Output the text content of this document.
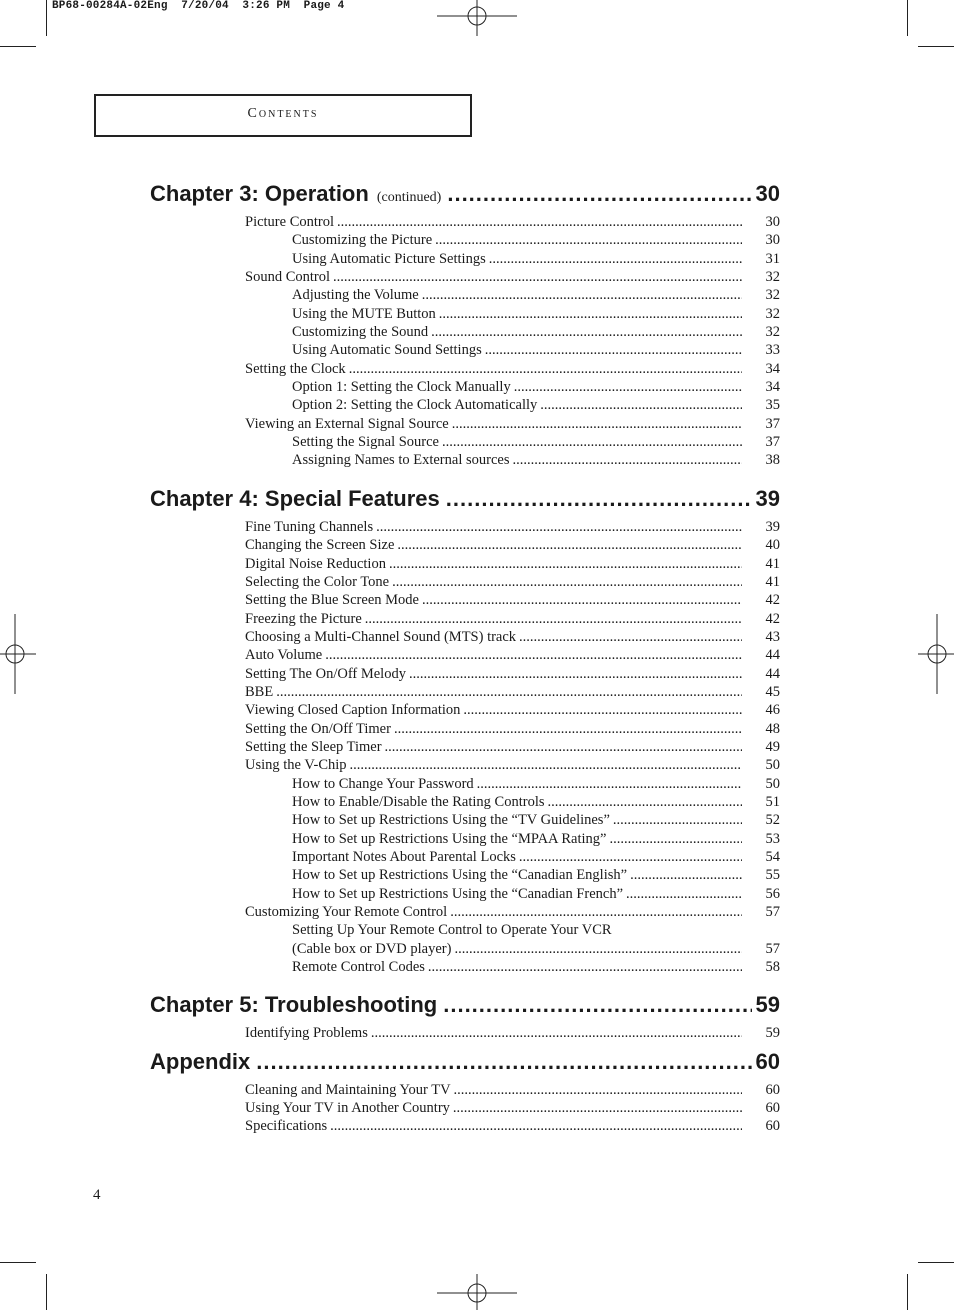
BP68-00284A-02Eng  7/20/04  3:26 PM  Page 4
Contents
Chapter 3: Operation (continued) .....	30
Picture Control .....	30
Customizing the Picture .....	30
Using Automatic Picture Settings .....	31
Sound Control .....	32
Adjusting the Volume .....	32
Using the MUTE Button .....	32
Customizing the Sound .....	32
Using Automatic Sound Settings .....	33
Setting the Clock .....	34
Option 1: Setting the Clock Manually .....	34
Option 2: Setting the Clock Automatically .....	35
Viewing an External Signal Source .....	37
Setting the Signal Source .....	37
Assigning Names to External sources .....	38
Chapter 4: Special Features .....	39
Fine Tuning Channels .....	39
Changing the Screen Size .....	40
Digital Noise Reduction .....	41
Selecting the Color Tone .....	41
Setting the Blue Screen Mode .....	42
Freezing the Picture .....	42
Choosing a Multi-Channel Sound (MTS) track .....	43
Auto Volume .....	44
Setting The On/Off Melody .....	44
BBE .....	45
Viewing Closed Caption Information .....	46
Setting the On/Off Timer .....	48
Setting the Sleep Timer .....	49
Using the V-Chip .....	50
How to Change Your Password .....	50
How to Enable/Disable the Rating Controls .....	51
How to Set up Restrictions Using the “TV Guidelines” .....	52
How to Set up Restrictions Using the “MPAA Rating” .....	53
Important Notes About Parental Locks .....	54
How to Set up Restrictions Using the “Canadian English” .....	55
How to Set up Restrictions Using the “Canadian French” .....	56
Customizing Your Remote Control .....	57
Setting Up Your Remote Control to Operate Your VCR
(Cable box or DVD player) .....	57
Remote Control Codes .....	58
Chapter 5: Troubleshooting .....	59
Identifying Problems .....	59
Appendix .....	60
Cleaning and Maintaining Your TV .....	60
Using Your TV in Another Country .....	60
Specifications .....	60
4
